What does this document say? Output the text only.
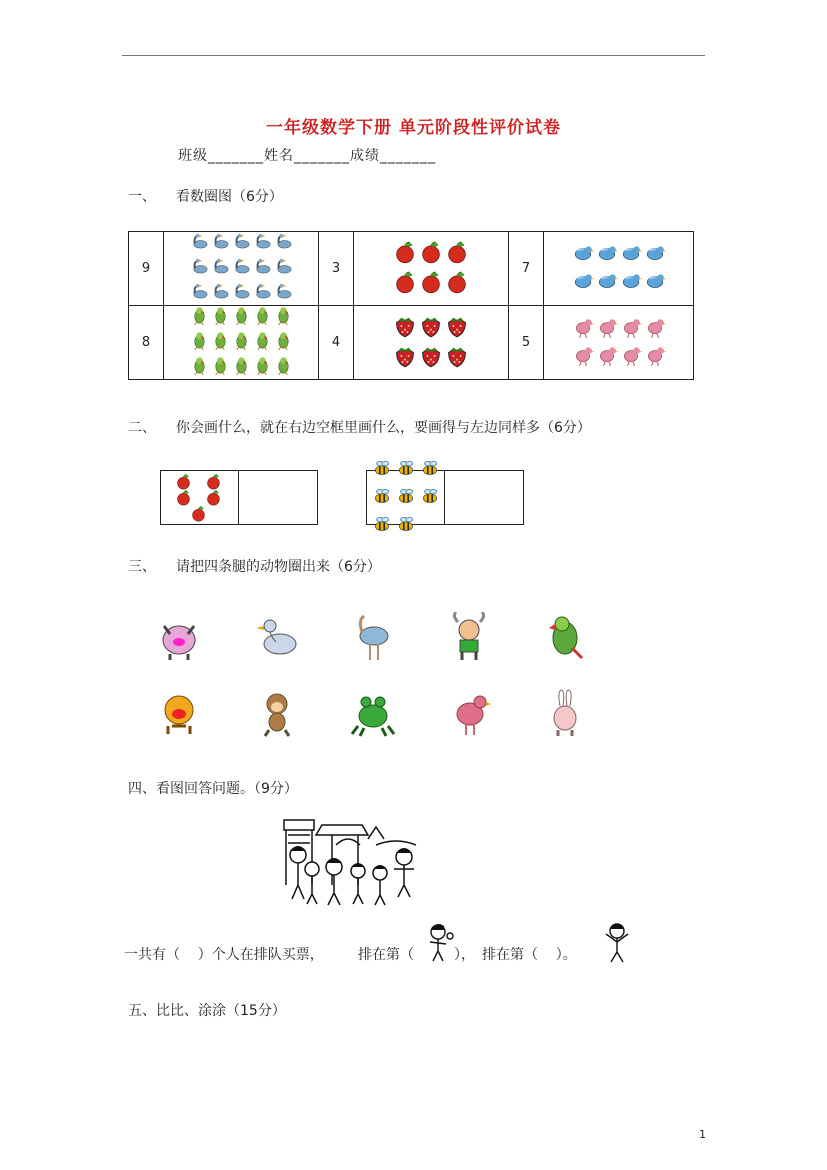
一年级数学下册 单元阶段性评价试卷
班级_______姓名_______成绩_______
一、 看数圈图（6分）
9		3		7	

8		4		5	
二、 你会画什么，就在右边空框里画什么，要画得与左边同样多（6分）
三、 请把四条腿的动物圈出来（6分）
四、看图回答问题。（9分）
一共有（    ）个人在排队买票， 排在第（	）， 排在第（    ）。
五、比比、涂涂（15分）
1
